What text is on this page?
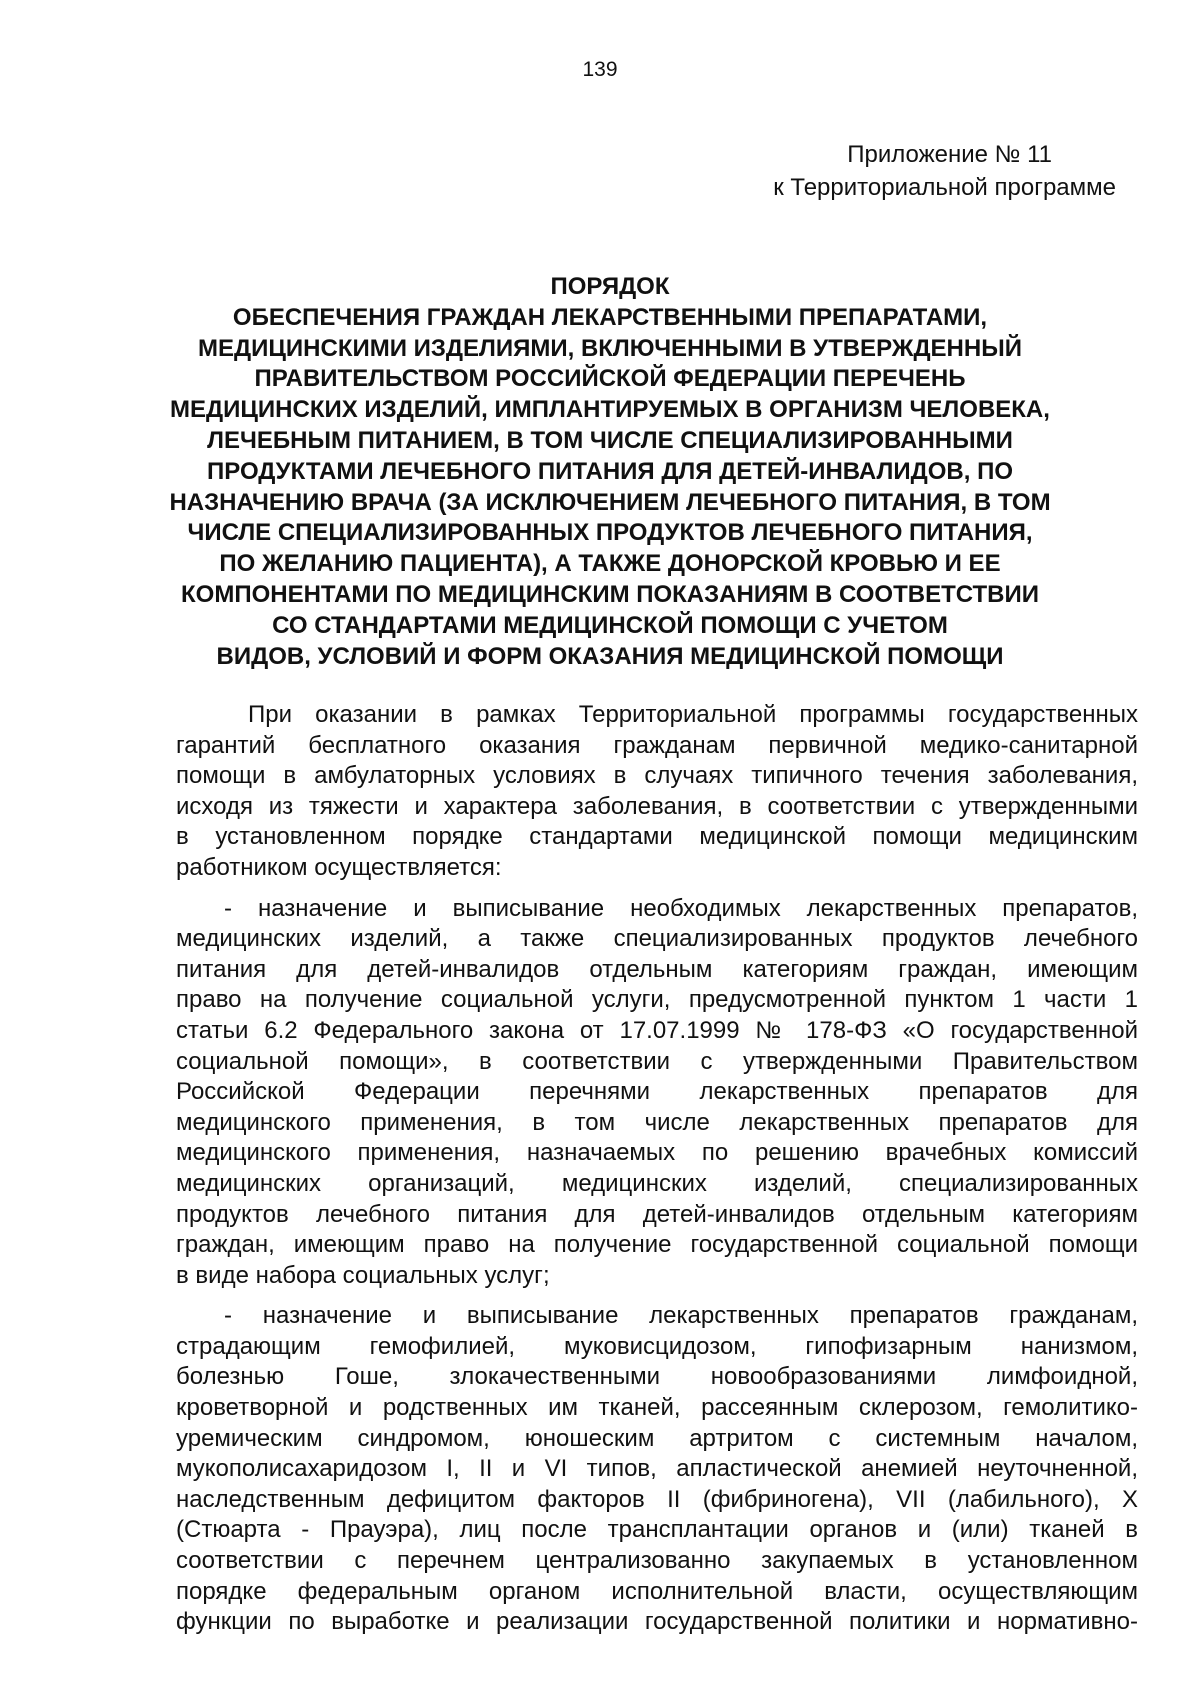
139
Приложение № 11
к Территориальной программе
ПОРЯДОК
ОБЕСПЕЧЕНИЯ ГРАЖДАН ЛЕКАРСТВЕННЫМИ ПРЕПАРАТАМИ,
МЕДИЦИНСКИМИ ИЗДЕЛИЯМИ, ВКЛЮЧЕННЫМИ В УТВЕРЖДЕННЫЙ
ПРАВИТЕЛЬСТВОМ РОССИЙСКОЙ ФЕДЕРАЦИИ ПЕРЕЧЕНЬ
МЕДИЦИНСКИХ ИЗДЕЛИЙ, ИМПЛАНТИРУЕМЫХ В ОРГАНИЗМ ЧЕЛОВЕКА,
ЛЕЧЕБНЫМ ПИТАНИЕМ, В ТОМ ЧИСЛЕ СПЕЦИАЛИЗИРОВАННЫМИ
ПРОДУКТАМИ ЛЕЧЕБНОГО ПИТАНИЯ ДЛЯ ДЕТЕЙ-ИНВАЛИДОВ, ПО
НАЗНАЧЕНИЮ ВРАЧА (ЗА ИСКЛЮЧЕНИЕМ ЛЕЧЕБНОГО ПИТАНИЯ, В ТОМ
ЧИСЛЕ СПЕЦИАЛИЗИРОВАННЫХ ПРОДУКТОВ ЛЕЧЕБНОГО ПИТАНИЯ,
ПО ЖЕЛАНИЮ ПАЦИЕНТА), А ТАКЖЕ ДОНОРСКОЙ КРОВЬЮ И ЕЕ
КОМПОНЕНТАМИ ПО МЕДИЦИНСКИМ ПОКАЗАНИЯМ В СООТВЕТСТВИИ
СО СТАНДАРТАМИ МЕДИЦИНСКОЙ ПОМОЩИ С УЧЕТОМ
ВИДОВ, УСЛОВИЙ И ФОРМ ОКАЗАНИЯ МЕДИЦИНСКОЙ ПОМОЩИ
При оказании в рамках Территориальной программы государственных
гарантий бесплатного оказания гражданам первичной медико-санитарной
помощи в амбулаторных условиях в случаях типичного течения заболевания,
исходя из тяжести и характера заболевания, в соответствии с утвержденными
в установленном порядке стандартами медицинской помощи медицинским
работником осуществляется:
- назначение и выписывание необходимых лекарственных препаратов,
медицинских изделий, а также специализированных продуктов лечебного
питания для детей-инвалидов отдельным категориям граждан, имеющим
право на получение социальной услуги, предусмотренной пунктом 1 части 1
статьи 6.2 Федерального закона от 17.07.1999 № 178-ФЗ «О государственной
социальной помощи», в соответствии с утвержденными Правительством
Российской Федерации перечнями лекарственных препаратов для
медицинского применения, в том числе лекарственных препаратов для
медицинского применения, назначаемых по решению врачебных комиссий
медицинских организаций, медицинских изделий, специализированных
продуктов лечебного питания для детей-инвалидов отдельным категориям
граждан, имеющим право на получение государственной социальной помощи
в виде набора социальных услуг;
- назначение и выписывание лекарственных препаратов гражданам,
страдающим гемофилией, муковисцидозом, гипофизарным нанизмом,
болезнью Гоше, злокачественными новообразованиями лимфоидной,
кроветворной и родственных им тканей, рассеянным склерозом, гемолитико-
уремическим синдромом, юношеским артритом с системным началом,
мукополисахаридозом I, II и VI типов, апластической анемией неуточненной,
наследственным дефицитом факторов II (фибриногена), VII (лабильного), X
(Стюарта - Прауэра), лиц после трансплантации органов и (или) тканей в
соответствии с перечнем централизованно закупаемых в установленном
порядке федеральным органом исполнительной власти, осуществляющим
функции по выработке и реализации государственной политики и нормативно-
